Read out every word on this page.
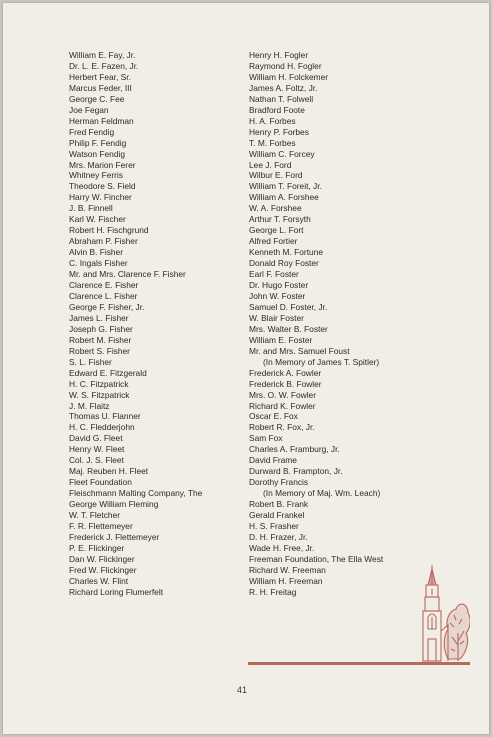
William E. Fay, Jr.
Dr. L. E. Fazen, Jr.
Herbert Fear, Sr.
Marcus Feder, III
George C. Fee
Joe Fegan
Herman Feldman
Fred Fendig
Philip F. Fendig
Watson Fendig
Mrs. Marion Ferer
Whitney Ferris
Theodore S. Field
Harry W. Fincher
J. B. Finnell
Karl W. Fischer
Robert H. Fischgrund
Abraham P. Fisher
Alvin B. Fisher
C. Ingals Fisher
Mr. and Mrs. Clarence F. Fisher
Clarence E. Fisher
Clarence L. Fisher
George F. Fisher, Jr.
James L. Fisher
Joseph G. Fisher
Robert M. Fisher
Robert S. Fisher
S. L. Fisher
Edward E. Fitzgerald
H. C. Fitzpatrick
W. S. Fitzpatrick
J. M. Flaitz
Thomas U. Flanner
H. C. Fledderjohn
David G. Fleet
Henry W. Fleet
Col. J. S. Fleet
Maj. Reuben H. Fleet
Fleet Foundation
Fleischmann Malting Company, The
George William Fleming
W. T. Fletcher
F. R. Flettemeyer
Frederick J. Flettemeyer
P. E. Flickinger
Dan W. Flickinger
Fred W. Flickinger
Charles W. Flint
Richard Loring Flumerfelt
Henry H. Fogler
Raymond H. Fogler
William H. Folckemer
James A. Foltz, Jr.
Nathan T. Folwell
Bradford Foote
H. A. Forbes
Henry P. Forbes
T. M. Forbes
William C. Forcey
Lee J. Ford
Wilbur E. Ford
William T. Foreit, Jr.
William A. Forshee
W. A. Forshee
Arthur T. Forsyth
George L. Fort
Alfred Fortier
Kenneth M. Fortune
Donald Roy Foster
Earl F. Foster
Dr. Hugo Foster
John W. Foster
Samuel D. Foster, Jr.
W. Blair Foster
Mrs. Walter B. Foster
William E. Foster
Mr. and Mrs. Samuel Foust
(In Memory of James T. Spitler)
Frederick A. Fowler
Frederick B. Fowler
Mrs. O. W. Fowler
Richard K. Fowler
Oscar E. Fox
Robert R. Fox, Jr.
Sam Fox
Charles A. Framburg, Jr.
David Frame
Durward B. Frampton, Jr.
Dorothy Francis
(In Memory of Maj. Wm. Leach)
Robert B. Frank
Gerald Frankel
H. S. Frasher
D. H. Frazer, Jr.
Wade H. Free, Jr.
Freeman Foundation, The Ella West
Richard W. Freeman
William H. Freeman
R. H. Freitag
41
